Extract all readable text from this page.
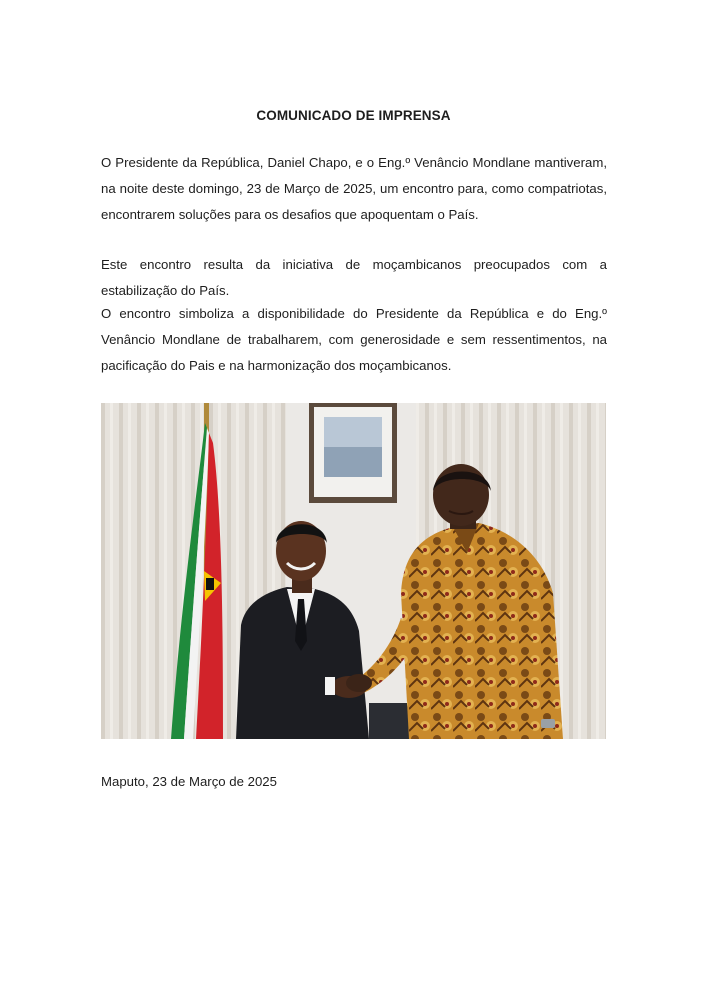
COMUNICADO DE IMPRENSA

O Presidente da República, Daniel Chapo, e o Eng.º Venâncio Mondlane mantiveram, na noite deste domingo, 23 de Março de 2025, um encontro para, como compatriotas, encontrarem soluções para os desafios que apoquentam o País.

Este encontro resulta da iniciativa de moçambicanos preocupados com a estabilização do País.

O encontro simboliza a disponibilidade do Presidente da República e do Eng.º Venâncio Mondlane de trabalharem, com generosidade e sem ressentimentos, na pacificação do Pais e na harmonização dos moçambicanos.

Maputo, 23 de Março de 2025
